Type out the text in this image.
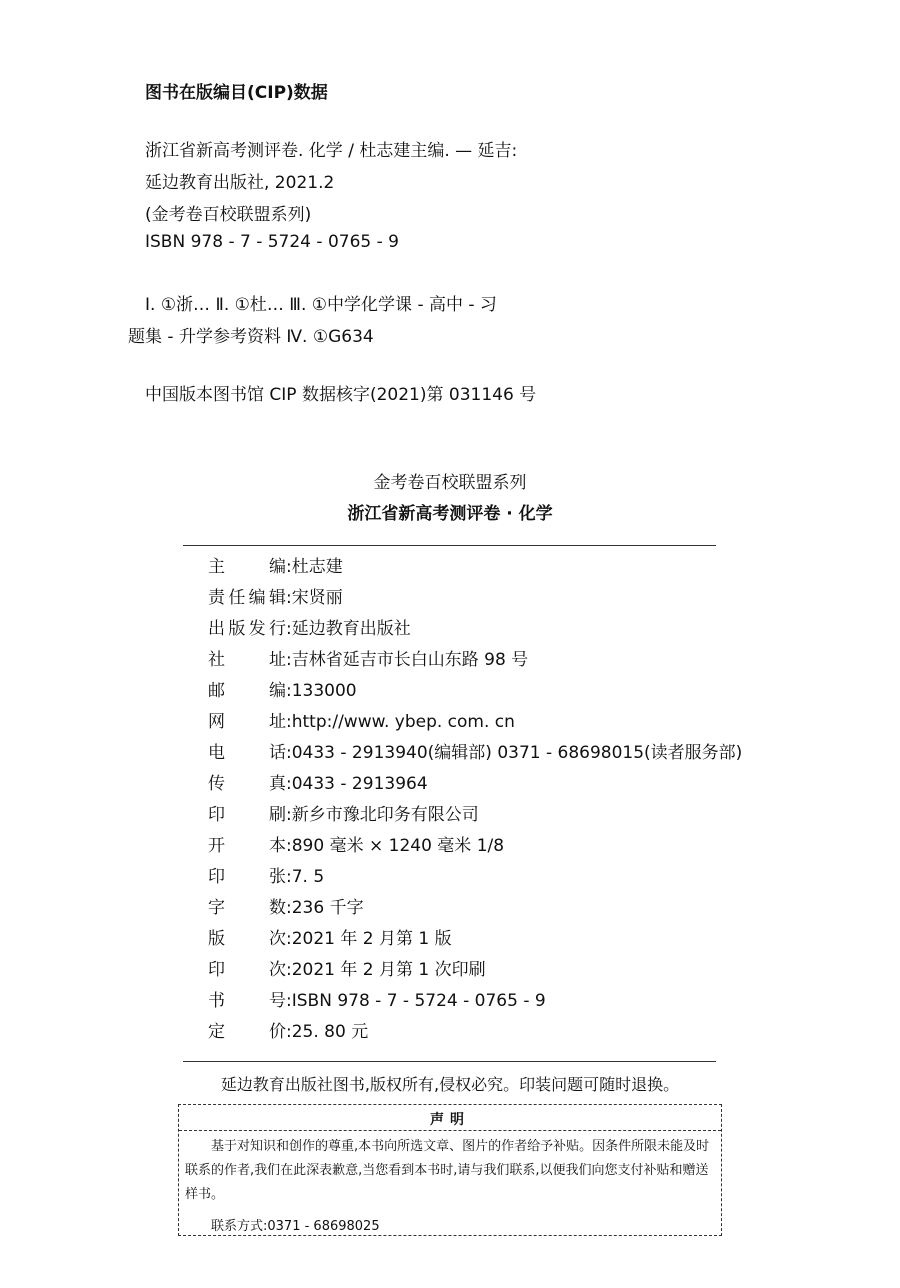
图书在版编目(CIP)数据
浙江省新高考测评卷. 化学 / 杜志建主编. — 延吉:
延边教育出版社, 2021.2
(金考卷百校联盟系列)
ISBN 978 - 7 - 5724 - 0765 - 9
Ⅰ. ①浙… Ⅱ. ①杜… Ⅲ. ①中学化学课 - 高中 - 习
题集 - 升学参考资料 Ⅳ. ①G634
中国版本图书馆 CIP 数据核字(2021)第 031146 号
金考卷百校联盟系列
浙江省新高考测评卷 · 化学
主编:杜志建
责任编辑:宋贤丽
出版发行:延边教育出版社
社址:吉林省延吉市长白山东路 98 号
邮编:133000
网址:http://www. ybep. com. cn
电话:0433 - 2913940(编辑部) 0371 - 68698015(读者服务部)
传真:0433 - 2913964
印刷:新乡市豫北印务有限公司
开本:890 毫米 × 1240 毫米 1/8
印张:7. 5
字数:236 千字
版次:2021 年 2 月第 1 版
印次:2021 年 2 月第 1 次印刷
书号:ISBN 978 - 7 - 5724 - 0765 - 9
定价:25. 80 元
延边教育出版社图书,版权所有,侵权必究。印装问题可随时退换。
声明
基于对知识和创作的尊重,本书向所选文章、图片的作者给予补贴。因条件所限未能及时联系的作者,我们在此深表歉意,当您看到本书时,请与我们联系,以便我们向您支付补贴和赠送样书。
联系方式:0371 - 68698025
